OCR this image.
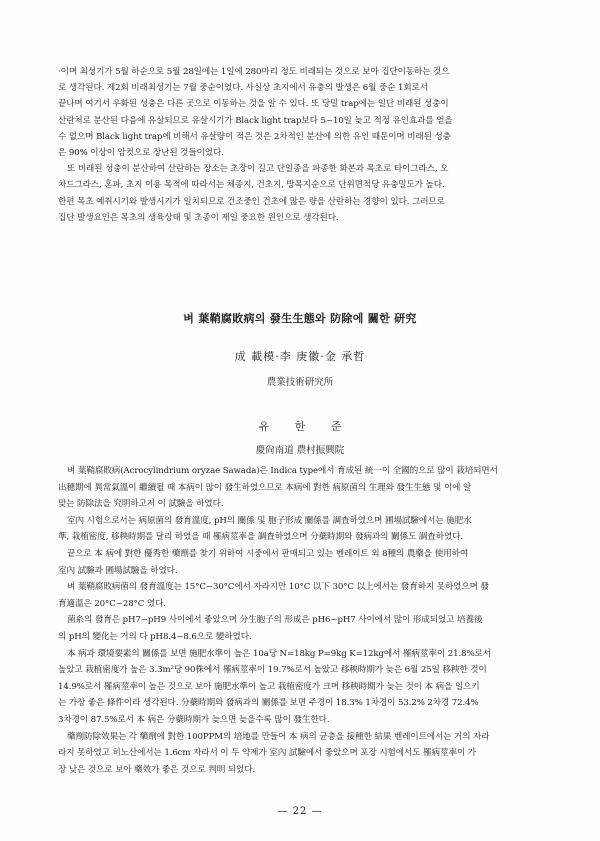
·이며 최성기가 5월 하순으로 5월 28일에는 1일에 280마리 정도 비래되는 것으로 보아 집단이동하는 것으

로 생각된다. 제2회 비래최성기는 7월 중순이었다. 사실상 초지에서 유충의 발생은 6월 중순 1회로서

끝나며 여기서 우화된 성충은 다른 곳으로 이동하는 것을 알 수 있다. 또 당밀 trap에는 일단 비래된 성충이

산란처로 분산된 다음에 유살되므로 유살시기가 Black light trap보다 5~10일 늦고 적정 유인효과를 얻을

수 없으며 Black light trap에 비해서 유살량이 적은 것은 2차적인 분산에 의한 유인 때문이며 비래된 성충

은 90% 이상이 암컷으로 장난된 것들이었다.

또 비래된 성충이 분산하여 산란하는 장소는 초장이 길고 단일종을 파종한 화본과 목초로 타이그라스, 오

차드그라스, 혼파, 초지 이용 목적에 따라서는 체종지, 건초지, 방목지순으로 단위면적당 유충밀도가 높다.

한편 목초 예취시기와 발생시기가 일치되므로 건조중인 건초에 많은 량을 산란하는 경향이 있다. 그러므로

집단 발생요인은 목초의 생육상태 및 초종이 제일 중요한 원인으로 생각된다.

벼 葉鞘腐敗病의 發生生態와 防除에 關한 研究

成 載模·李 庚徽·金 承哲

農業技術研究所

유 한 준

慶尙南道 農村振興院

벼 葉鞘腐敗病(Acrocylindrium oryzae Sawada)은 Indica type에서 育成된 統一이 全國的으로 많이 栽培되면서

出穗期에 異常氣溫이 繼續될 때 本病이 많이 發生하였으므로 本病에 對한 病原菌의 生理와 發生生態 및 이에 알

맞는 防除法을 究明하고저 이 試驗을 하였다.

室內 시험으로서는 病原菌의 發育溫度, pH의 關係 및 胞子形成 關係를 調査하였으며 圃場試驗에서는 施肥水

準, 栽植密度, 移秧時期를 달리 하였을 때 罹病莖率을 調査하였으며 分蘗時期와 發病과의 關係도 調査하였다.

끝으로 本 病에 對한 優秀한 藥劑를 찾기 위하여 시중에서 판매되고 있는 벤레이트 외 8種의 農藥을 使用하여

室內 試驗과 圃場試驗을 하였다.

벼 葉鞘腐敗病菌의 發育溫度는 15°C~30°C에서 자라지만 10°C 以下 30°C 以上에서는 發育하지 못하였으며 發

育適溫은 20°C~28°C 였다.

菌糸의 發育은 pH7~pH9 사이에서 좋았으며 分生胞子의 形成은 pH6~pH7 사이에서 많이 形成되었고 培養後

의 pH의 變化는 거의 다 pH8.4~8.6으로 變하였다.

本 病과 環境要素의 關係를 보면 施肥水準이 높은 10a당 N=18kg P=9kg K=12kg에서 罹病莖率이 21.8%로서

높았고 栽植密度가 높은 3.3m²당 90株에서 罹病莖率이 19.7%로서 높았고 移秧時期가 늦은 6월 25일 移秧한 것이

14.9%로서 罹病莖率이 높은 것으로 보아 施肥水準이 높고 栽植密度가 크며 移秧時期가 늦는 것이 本 病을 일으키

는 가장 좋은 條件이라 생각된다. 分蘗時期와 發病과의 關係를 보면 주경이 18.3% 1차경이 53.2% 2차경 72.4%

3차경이 87.5%로서 本 病은 分蘗時期가 늦으면 늦을수록 많이 發生한다.

藥劑防除效果는 각 藥劑에 對한 100PPM의 培地를 만들어 本 病의 균층을 接種한 結果 벤레이트에서는 거의 자라

라지 못하였고 히노산에서는 1.6cm 자라서 이 두 약제가 室內 試驗에서 좋았으며 포장 시험에서도 罹病莖率이 가

장 낮은 것으로 보아 藥效가 좋은 것으로 判明 되었다.

— 22 —
